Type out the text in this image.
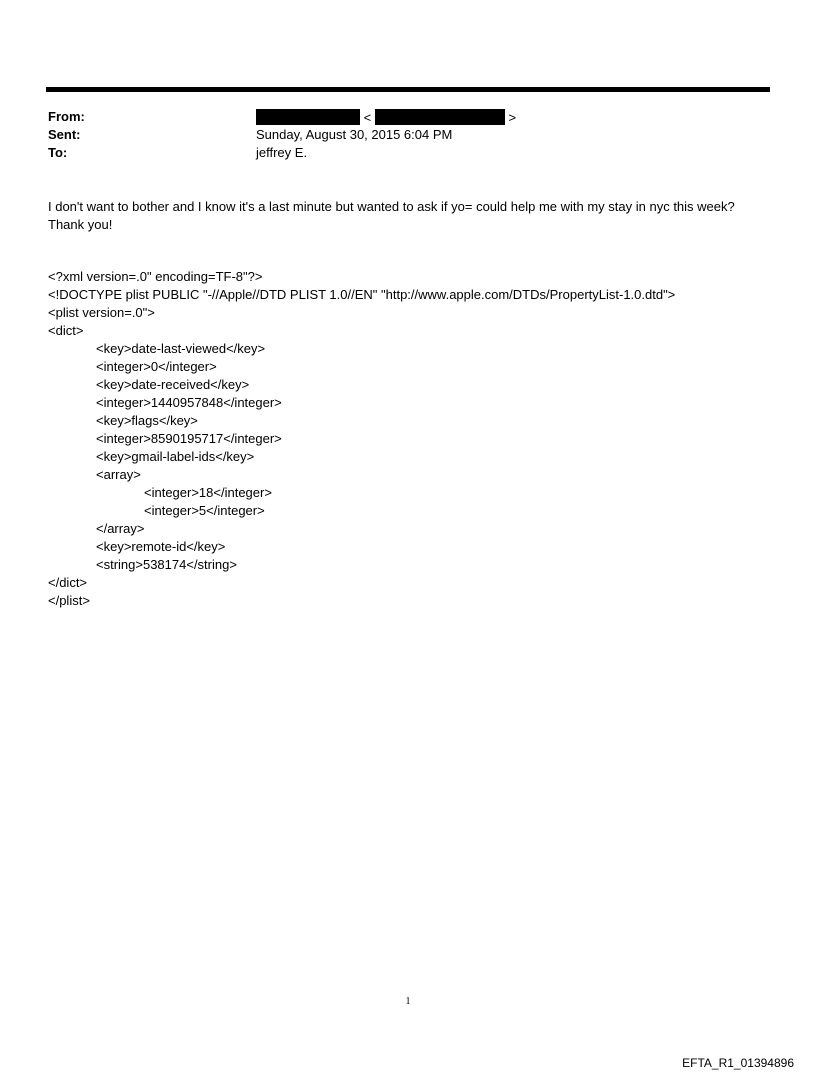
From:
Sent:
To:
<	>
Sunday, August 30, 2015 6:04 PM
jeffrey E.
I don't want to bother and I know it's a last minute but wanted to ask if yo= could help me with my stay in nyc this week?Thank you!
<?xml version=.0" encoding=TF-8"?>
<!DOCTYPE plist PUBLIC "-//Apple//DTD PLIST 1.0//EN" "http://www.apple.com/DTDs/PropertyList-1.0.dtd">
<plist version=.0">
<dict>
<key>date-last-viewed</key>
<integer>0</integer>
<key>date-received</key>
<integer>1440957848</integer>
<key>flags</key>
<integer>8590195717</integer>
<key>gmail-label-ids</key>
<array>
<integer>18</integer>
<integer>5</integer>
</array>
<key>remote-id</key>
<string>538174</string>
</dict>
</plist>
1
EFTA_R1_01394896
